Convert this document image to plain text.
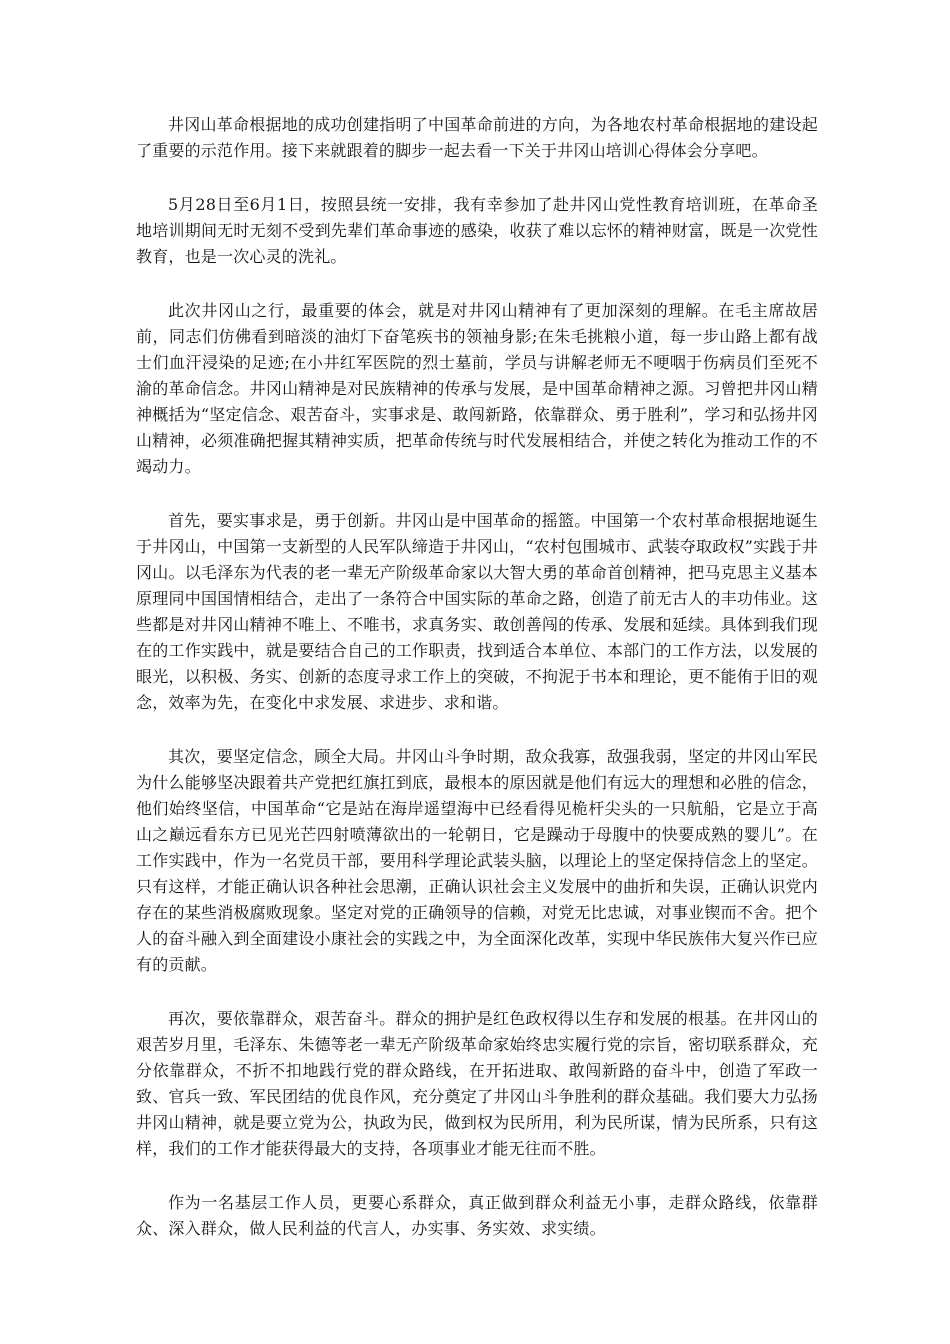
井冈山革命根据地的成功创建指明了中国革命前进的方向，为各地农村革命根据地的建设起了重要的示范作用。接下来就跟着的脚步一起去看一下关于井冈山培训心得体会分享吧。

5月28日至6月1日，按照县统一安排，我有幸参加了赴井冈山党性教育培训班，在革命圣地培训期间无时无刻不受到先辈们革命事迹的感染，收获了难以忘怀的精神财富，既是一次党性教育，也是一次心灵的洗礼。

此次井冈山之行，最重要的体会，就是对井冈山精神有了更加深刻的理解。在毛主席故居前，同志们仿佛看到暗淡的油灯下奋笔疾书的领袖身影;在朱毛挑粮小道，每一步山路上都有战士们血汗浸染的足迹;在小井红军医院的烈士墓前，学员与讲解老师无不哽咽于伤病员们至死不渝的革命信念。井冈山精神是对民族精神的传承与发展，是中国革命精神之源。习曾把井冈山精神概括为“坚定信念、艰苦奋斗，实事求是、敢闯新路，依靠群众、勇于胜利”，学习和弘扬井冈山精神，必须准确把握其精神实质，把革命传统与时代发展相结合，并使之转化为推动工作的不竭动力。

首先，要实事求是，勇于创新。井冈山是中国革命的摇篮。中国第一个农村革命根据地诞生于井冈山，中国第一支新型的人民军队缔造于井冈山，“农村包围城市、武装夺取政权”实践于井冈山。以毛泽东为代表的老一辈无产阶级革命家以大智大勇的革命首创精神，把马克思主义基本原理同中国国情相结合，走出了一条符合中国实际的革命之路，创造了前无古人的丰功伟业。这些都是对井冈山精神不唯上、不唯书，求真务实、敢创善闯的传承、发展和延续。具体到我们现在的工作实践中，就是要结合自己的工作职责，找到适合本单位、本部门的工作方法，以发展的眼光，以积极、务实、创新的态度寻求工作上的突破，不拘泥于书本和理论，更不能侑于旧的观念，效率为先，在变化中求发展、求进步、求和谐。

其次，要坚定信念，顾全大局。井冈山斗争时期，敌众我寡，敌强我弱，坚定的井冈山军民为什么能够坚决跟着共产党把红旗扛到底，最根本的原因就是他们有远大的理想和必胜的信念，他们始终坚信，中国革命“它是站在海岸遥望海中已经看得见桅杆尖头的一只航船，它是立于高山之巅远看东方已见光芒四射喷薄欲出的一轮朝日，它是躁动于母腹中的快要成熟的婴儿”。在工作实践中，作为一名党员干部，要用科学理论武装头脑，以理论上的坚定保持信念上的坚定。只有这样，才能正确认识各种社会思潮，正确认识社会主义发展中的曲折和失误，正确认识党内存在的某些消极腐败现象。坚定对党的正确领导的信赖，对党无比忠诚，对事业锲而不舍。把个人的奋斗融入到全面建设小康社会的实践之中，为全面深化改革，实现中华民族伟大复兴作已应有的贡献。

再次，要依靠群众，艰苦奋斗。群众的拥护是红色政权得以生存和发展的根基。在井冈山的艰苦岁月里，毛泽东、朱德等老一辈无产阶级革命家始终忠实履行党的宗旨，密切联系群众，充分依靠群众，不折不扣地践行党的群众路线，在开拓进取、敢闯新路的奋斗中，创造了军政一致、官兵一致、军民团结的优良作风，充分奠定了井冈山斗争胜利的群众基础。我们要大力弘扬井冈山精神，就是要立党为公，执政为民，做到权为民所用，利为民所谋，情为民所系，只有这样，我们的工作才能获得最大的支持，各项事业才能无往而不胜。

作为一名基层工作人员，更要心系群众，真正做到群众利益无小事，走群众路线，依靠群众、深入群众，做人民利益的代言人，办实事、务实效、求实绩。
